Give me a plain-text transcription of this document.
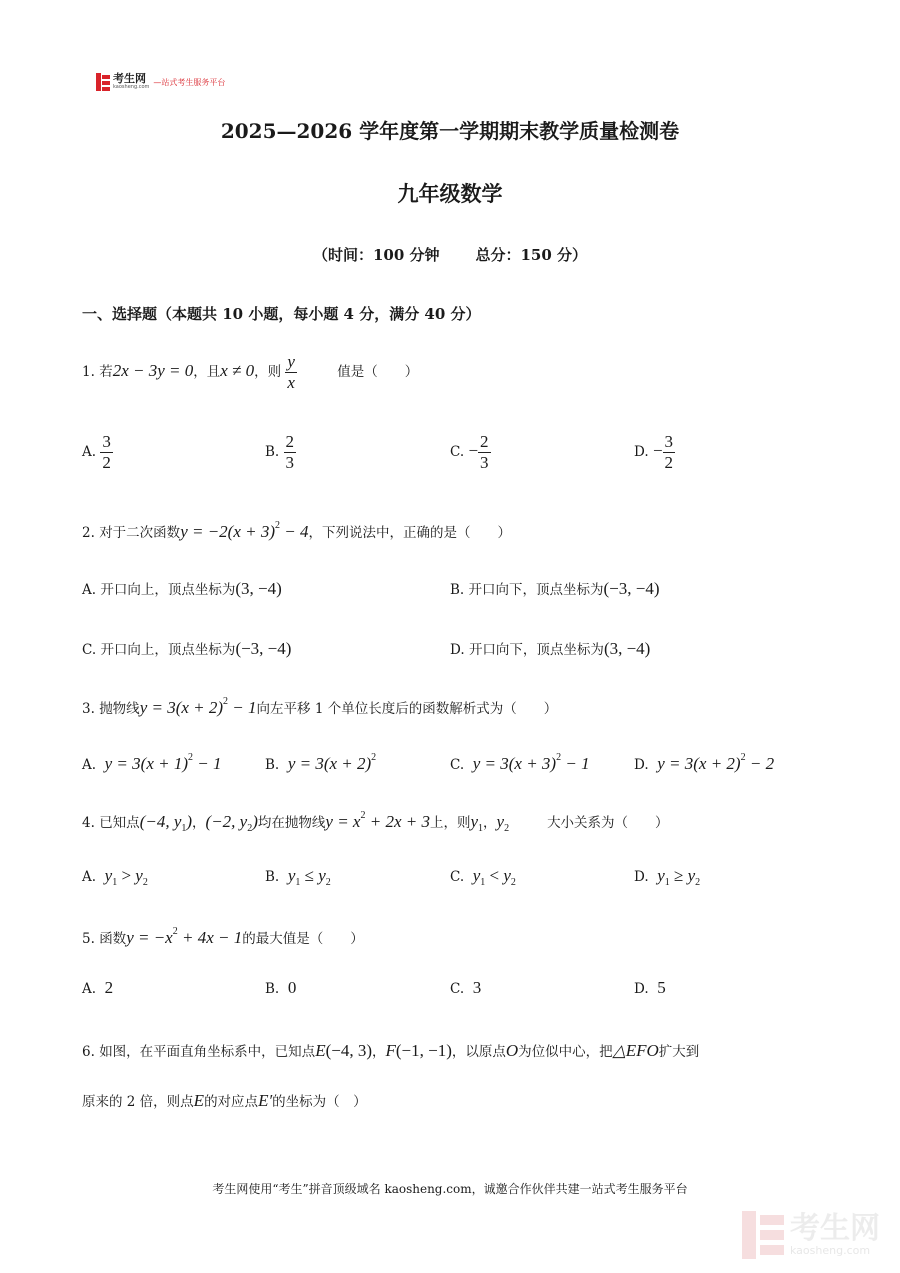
考生网
kaosheng.com
—站式考生服务平台
2025—2026 学年度第一学期期末教学质量检测卷
九年级数学
（时间：100 分钟 总分：150 分）
一、选择题（本题共 10 小题，每小题 4 分，满分 40 分）
1. 若2x − 3y = 0，且x ≠ 0，则 $\frac{y}{x}$	值是（　　）
A. $\frac{3}{2}$	B. $\frac{2}{3}$	C. − $\frac{2}{3}$	D. − $\frac{3}{2}$
2. 对于二次函数$y = -2(x + 3)^2 - 4$，下列说法中，正确的是（　　）
A. 开口向上，顶点坐标为(3, −4)	B. 开口向下，顶点坐标为(−3, −4)
C. 开口向上，顶点坐标为(−3, −4)	D. 开口向下，顶点坐标为(3, −4)
3. 抛物线$y = 3(x + 2)^2 - 1$向左平移 1 个单位长度后的函数解析式为（　　）
A. $y = 3(x + 1)^2 - 1$	B. $y = 3(x + 2)^2$	C. $y = 3(x + 3)^2 - 1$	D. $y = 3(x + 2)^2 - 2$
4. 已知点(−4, $y_1$)，(−2, $y_2$)均在抛物线$y = x^2 + 2x + 3$上，则$y_1$，$y_2$	大小关系为（　　）
A. $y_1 > y_2$	B. $y_1 \le y_2$	C. $y_1 < y_2$	D. $y_1 \ge y_2$
5. 函数$y = -x^2 + 4x - 1$的最大值是（　　）
A. 2	B. 0	C. 3	D. 5
6. 如图，在平面直角坐标系中，已知点E(−4, 3)，F(−1, −1)，以原点O为位似中心，把△EFO扩大到
原来的 2 倍，则点E的对应点E′的坐标为（　）
考生网使用“考生”拼音顶级域名 kaosheng.com，诚邀合作伙伴共建一站式考生服务平台
考生网
kaosheng.com
